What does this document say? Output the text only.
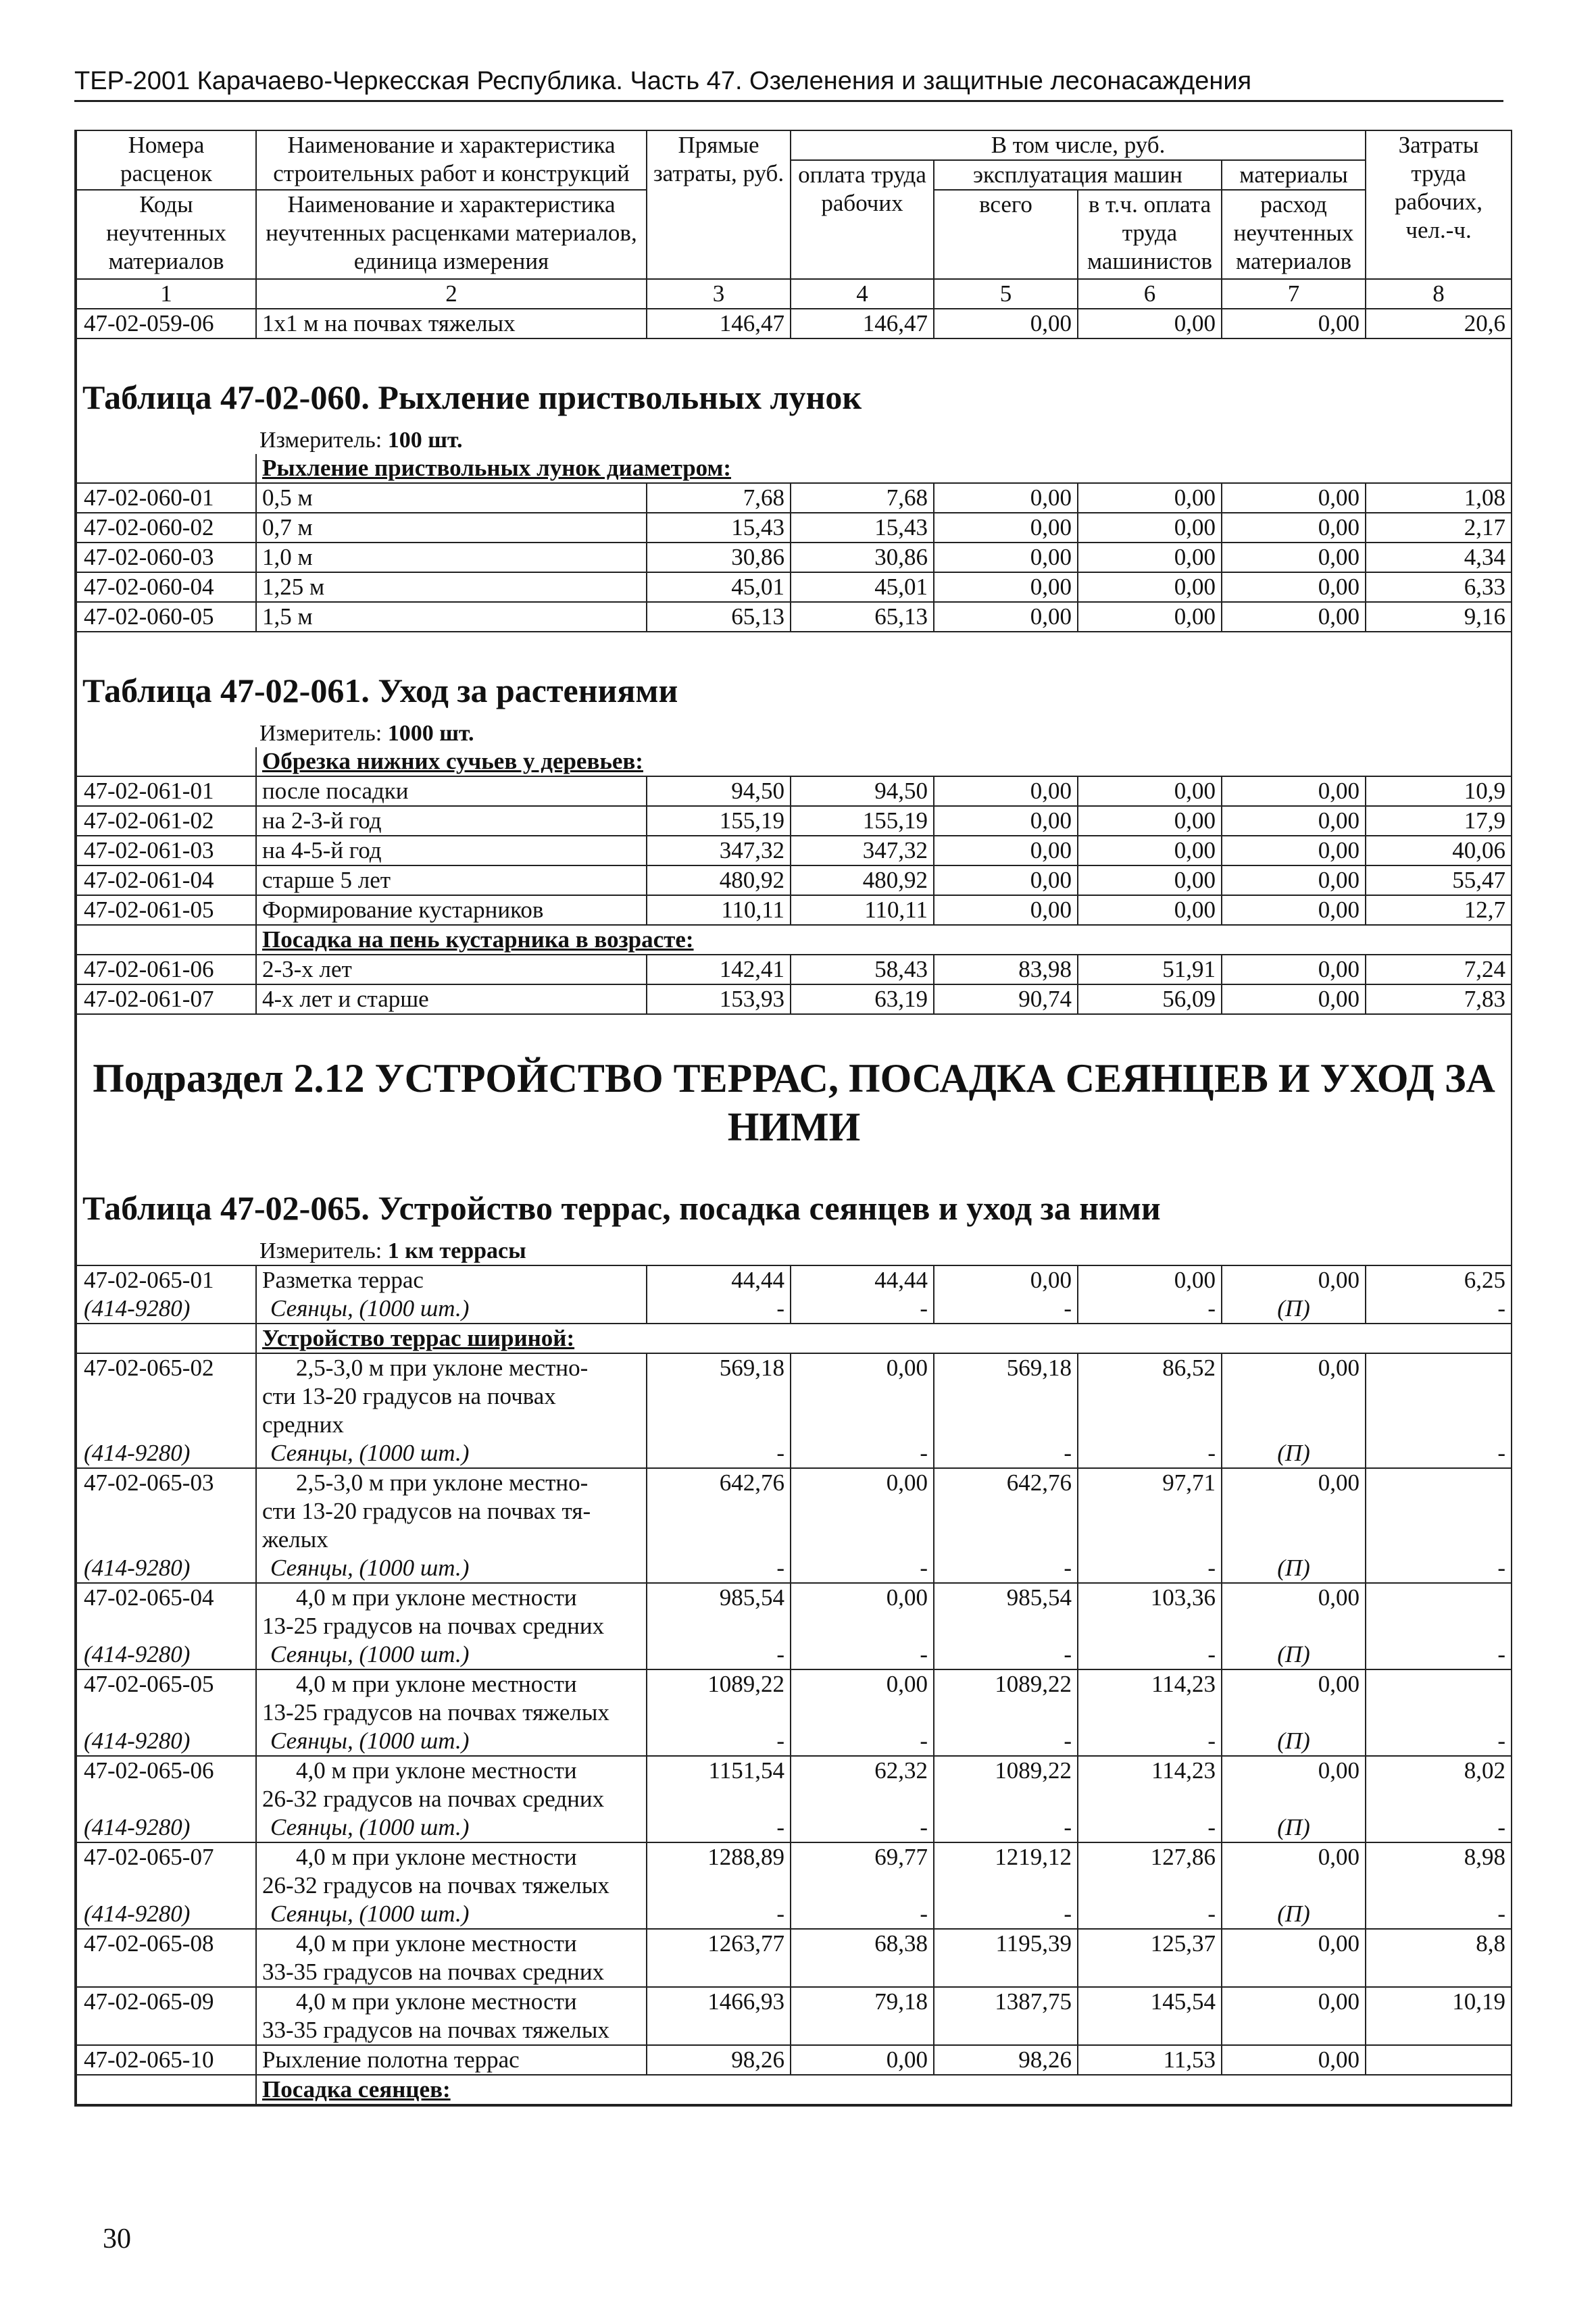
ТЕР-2001 Карачаево-Черкесская Республика. Часть 47. Озеленения и защитные лесонасаждения
Номера расценок	Наименование и характеристика строительных работ и конструкций	Прямые затраты, руб.	В том числе, руб.				Затраты труда рабочих, чел.-ч.
			оплата труда рабочих	эксплуатация машин		материалы	
Коды неучтенных материалов	Наименование и характеристика неучтенных расценками материалов, единица измерения			всего	в т.ч. оплата труда машинистов	расход неучтенных материалов	

1	2	3	4	5	6	7	8
47-02-059-06	1х1 м на почвах тяжелых	146,47	146,47	0,00	0,00	0,00	20,6

Таблица 47-02-060. Рыхление приствольных лунок
Измеритель: 100 шт.							

	Рыхление приствольных лунок диаметром:						
47-02-060-01	0,5 м	7,68	7,68	0,00	0,00	0,00	1,08
47-02-060-02	0,7 м	15,43	15,43	0,00	0,00	0,00	2,17
47-02-060-03	1,0 м	30,86	30,86	0,00	0,00	0,00	4,34
47-02-060-04	1,25 м	45,01	45,01	0,00	0,00	0,00	6,33
47-02-060-05	1,5 м	65,13	65,13	0,00	0,00	0,00	9,16

Таблица 47-02-061. Уход за растениями
Измеритель: 1000 шт.							

	Обрезка нижних сучьев у деревьев:						
47-02-061-01	после посадки	94,50	94,50	0,00	0,00	0,00	10,9
47-02-061-02	на 2-3-й год	155,19	155,19	0,00	0,00	0,00	17,9
47-02-061-03	на 4-5-й год	347,32	347,32	0,00	0,00	0,00	40,06
47-02-061-04	старше 5 лет	480,92	480,92	0,00	0,00	0,00	55,47
47-02-061-05	Формирование кустарников	110,11	110,11	0,00	0,00	0,00	12,7
	Посадка на пень кустарника в возрасте:						
47-02-061-06	2-3-х лет	142,41	58,43	83,98	51,91	0,00	7,24
47-02-061-07	4-х лет и старше	153,93	63,19	90,74	56,09	0,00	7,83

Подраздел 2.12 УСТРОЙСТВО ТЕРРАС, ПОСАДКА СЕЯНЦЕВ И УХОД ЗА
НИМИ
Таблица 47-02-065. Устройство террас, посадка сеянцев и уход за ними
Измеритель: 1 км террасы							

47-02-065-01	Разметка террас	44,44	44,44	0,00	0,00	0,00	6,25
(414-9280)	Сеянцы, (1000 шт.)	-	-	-	-	(П)	-
	Устройство террас шириной:						
47-02-065-02	2,5-3,0 м при уклоне местно-
сти 13-20 градусов на почвах
средних	569,18	0,00	569,18	86,52	0,00	
(414-9280)	Сеянцы, (1000 шт.)	-	-	-	-	(П)	-
47-02-065-03	2,5-3,0 м при уклоне местно-
сти 13-20 градусов на почвах тя-
желых	642,76	0,00	642,76	97,71	0,00	
(414-9280)	Сеянцы, (1000 шт.)	-	-	-	-	(П)	-
47-02-065-04	4,0 м при уклоне местности
13-25 градусов на почвах средних	985,54	0,00	985,54	103,36	0,00	
(414-9280)	Сеянцы, (1000 шт.)	-	-	-	-	(П)	-
47-02-065-05	4,0 м при уклоне местности
13-25 градусов на почвах тяжелых	1089,22	0,00	1089,22	114,23	0,00	
(414-9280)	Сеянцы, (1000 шт.)	-	-	-	-	(П)	-
47-02-065-06	4,0 м при уклоне местности
26-32 градусов на почвах средних	1151,54	62,32	1089,22	114,23	0,00	8,02
(414-9280)	Сеянцы, (1000 шт.)	-	-	-	-	(П)	-
47-02-065-07	4,0 м при уклоне местности
26-32 градусов на почвах тяжелых	1288,89	69,77	1219,12	127,86	0,00	8,98
(414-9280)	Сеянцы, (1000 шт.)	-	-	-	-	(П)	-
47-02-065-08	4,0 м при уклоне местности
33-35 градусов на почвах средних	1263,77	68,38	1195,39	125,37	0,00	8,8
47-02-065-09	4,0 м при уклоне местности
33-35 градусов на почвах тяжелых	1466,93	79,18	1387,75	145,54	0,00	10,19
47-02-065-10	Рыхление полотна террас	98,26	0,00	98,26	11,53	0,00	
	Посадка сеянцев:						
30
